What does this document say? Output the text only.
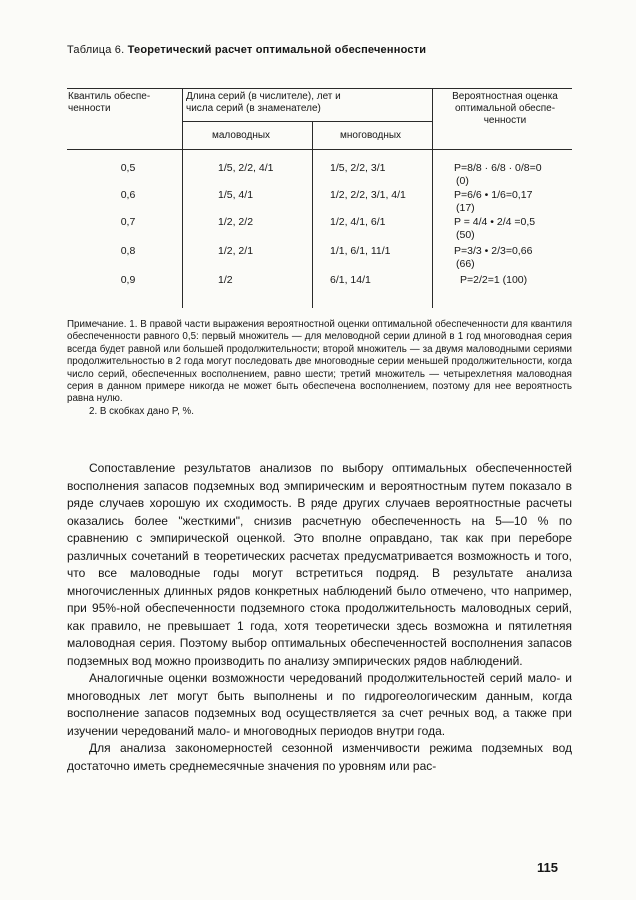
Таблица 6. Теоретический расчет оптимальной обеспеченности
Квантиль обеспе-
ченности
Длина серий (в числителе), лет и
числа серий (в знаменателе)
маловодных	многоводных
Вероятностная оценка
оптимальной обеспе-
ченности
0,5	1/5, 2/2, 4/1	1/5, 2/2, 3/1	P=8/8 · 6/8 · 0/8=0
(0)
0,6	1/5, 4/1	1/2, 2/2, 3/1, 4/1	P=6/6 • 1/6=0,17
(17)
0,7	1/2, 2/2	1/2, 4/1, 6/1	P = 4/4 • 2/4 =0,5
(50)
0,8	1/2, 2/1	1/1, 6/1, 11/1	P=3/3 • 2/3=0,66
(66)
0,9	1/2	6/1, 14/1	P=2/2=1 (100)

Примечание. 1. В правой части выражения вероятностной оценки оптимальной обеспеченности для квантиля обеспеченности равного 0,5: первый множитель — для меловодной серии длиной в 1 год многоводная серия всегда будет равной или большей продолжительности; второй множитель — за двумя маловодными сериями продолжительностью в 2 года могут последовать две многоводные серии меньшей продолжительности, когда число серий, обеспеченных восполнением, равно шести; третий множитель — четырехлетняя маловодная серия в данном примере никогда не может быть обеспечена восполнением, поэтому для нее вероятность равна нулю.

2. В скобках дано P, %.

Сопоставление результатов анализов по выбору оптимальных обеспеченностей восполнения запасов подземных вод эмпирическим и вероятностным путем показало в ряде случаев хорошую их сходимость. В ряде других случаев вероятностные расчеты оказались более "жесткими", снизив расчетную обеспеченность на 5—10 % по сравнению с эмпирической оценкой. Это вполне оправдано, так как при переборе различных сочетаний в теоретических расчетах предусматривается возможность и того, что все маловодные годы могут встретиться подряд. В результате анализа многочисленных длинных рядов конкретных наблюдений было отмечено, что например, при 95%-ной обеспеченности подземного стока продолжительность маловодных серий, как правило, не превышает 1 года, хотя теоретически здесь возможна и пятилетняя маловодная серия. Поэтому выбор оптимальных обеспеченностей восполнения запасов подземных вод можно производить по анализу эмпирических рядов наблюдений.

Аналогичные оценки возможности чередований продолжительностей серий мало- и многоводных лет могут быть выполнены и по гидрогеологическим данным, когда восполнение запасов подземных вод осуществляется за счет речных вод, а также при изучении чередований мало- и многоводных периодов внутри года.

Для анализа закономерностей сезонной изменчивости режима подземных вод достаточно иметь среднемесячные значения по уровням или рас-

115
